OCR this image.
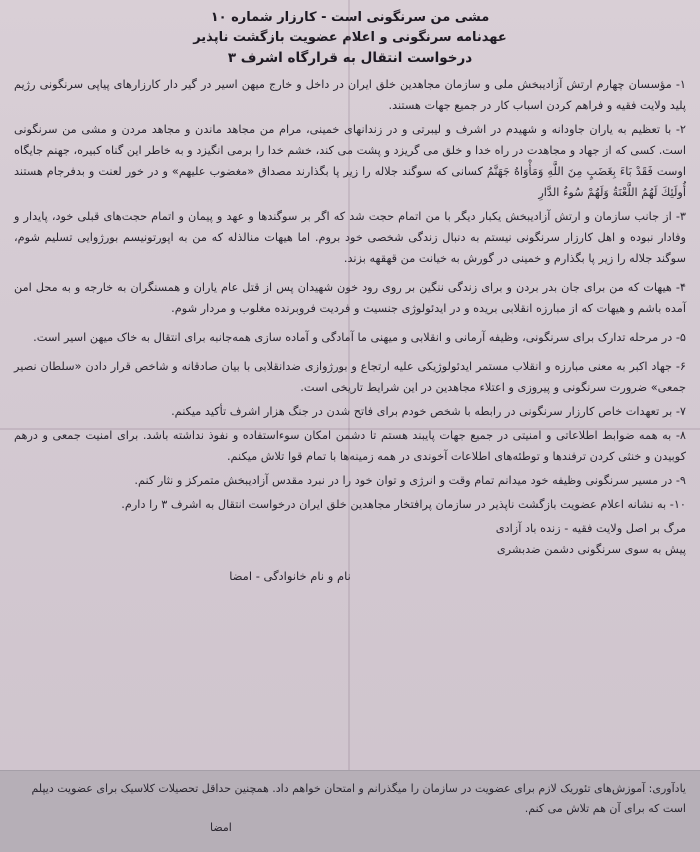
مشی من سرنگونی است - کارزار شماره ۱۰

عهدنامه سرنگونی و اعلام عضویت بازگشت ناپذیر

درخواست انتقال به قرارگاه اشرف ۳

۱- مؤسسان چهارم ارتش آزادیبخش ملی و سازمان مجاهدین خلق ایران در داخل و خارج میهن اسیر در گیر دار کارزارهای پیاپی سرنگونی رژیم پلید ولایت فقیه و فراهم کردن اسباب کار در جمیع جهات هستند.

۲- با تعظیم به یاران جاودانه و شهیدم در اشرف و لیبرتی و در زندانهای خمینی، مرام من مجاهد ماندن و مجاهد مردن و مشی من سرنگونی است. کسی که از جهاد و مجاهدت در راه خدا و خلق می گریزد و پشت می کند، خشم خدا را برمی انگیزد و به خاطر این گناه کبیره، جهنم جایگاه اوست فَقَدْ بَاءَ بِغَضَبٍ مِنَ اللَّهِ وَمَأْوَاهُ جَهَنَّمُ کسانی که سوگند جلاله را زیر پا بگذارند مصداق «مغضوب علیهم» و در خور لعنت و بدفرجام هستند أُولَئِكَ لَهُمُ اللَّعْنَةُ وَلَهُمْ سُوءُ الدَّارِ

۳- از جانب سازمان و ارتش آزادیبخش یکبار دیگر با من اتمام حجت شد که اگر بر سوگندها و عهد و پیمان و اتمام حجت‌های قبلی خود، پایدار و وفادار نبوده و اهل کارزار سرنگونی نیستم به دنبال زندگی شخصی خود بروم. اما هیهات منالذله که من به اپورتونیسم بورژوایی تسلیم شوم، سوگند جلاله را زیر پا بگذارم و خمینی در گورش به خیانت من قهقهه بزند.

۴- هیهات که من برای جان بدر بردن و برای زندگی ننگین بر روی رود خون شهیدان پس از قتل عام یاران و همسنگران به خارجه و به محل امن آمده باشم و هیهات که از مبارزه انقلابی بریده و در ایدئولوژی جنسیت و فردیت فروبرنده مغلوب و مردار شوم.

۵- در مرحله تدارک برای سرنگونی، وظیفه آرمانی و انقلابی و میهنی ما آمادگی و آماده سازی همه‌جانبه برای انتقال به خاک میهن اسیر است.

۶- جهاد اکبر به معنی مبارزه و انقلاب مستمر ایدئولوژیکی علیه ارتجاع و بورژوازی ضدانقلابی با بیان صادقانه و شاخص قرار دادن «سلطان نصیر جمعی» ضرورت سرنگونی و پیروزی و اعتلاء مجاهدین در این شرایط تاریخی است.

۷- بر تعهدات خاص کارزار سرنگونی در رابطه با شخص خودم برای فاتح شدن در جنگ هزار اشرف تأکید میکنم.

۸- به همه ضوابط اطلاعاتی و امنیتی در جمیع جهات پایبند هستم تا دشمن امکان سوءاستفاده و نفوذ نداشته باشد. برای امنیت جمعی و درهم کوبیدن و خنثی کردن ترفندها و توطئه‌های اطلاعات آخوندی در همه زمینه‌ها با تمام قوا تلاش میکنم.

۹- در مسیر سرنگونی وظیفه خود میدانم تمام وقت و انرژی و توان خود را در نبرد مقدس آزادیبخش متمرکز و نثار کنم.

۱۰- به نشانه اعلام عضویت بازگشت ناپذیر در سازمان پرافتخار مجاهدین خلق ایران درخواست انتقال به اشرف ۳ را دارم.

مرگ بر اصل ولایت فقیه - زنده باد آزادی

پیش به سوی سرنگونی دشمن ضدبشری

نام و نام خانوادگی - امضا

یادآوری: آموزش‌های تئوریک لازم برای عضویت در سازمان را میگذرانم و امتحان خواهم داد. همچنین حداقل تحصیلات کلاسیک برای عضویت دیپلم است که برای آن هم تلاش می کنم.

امضا
